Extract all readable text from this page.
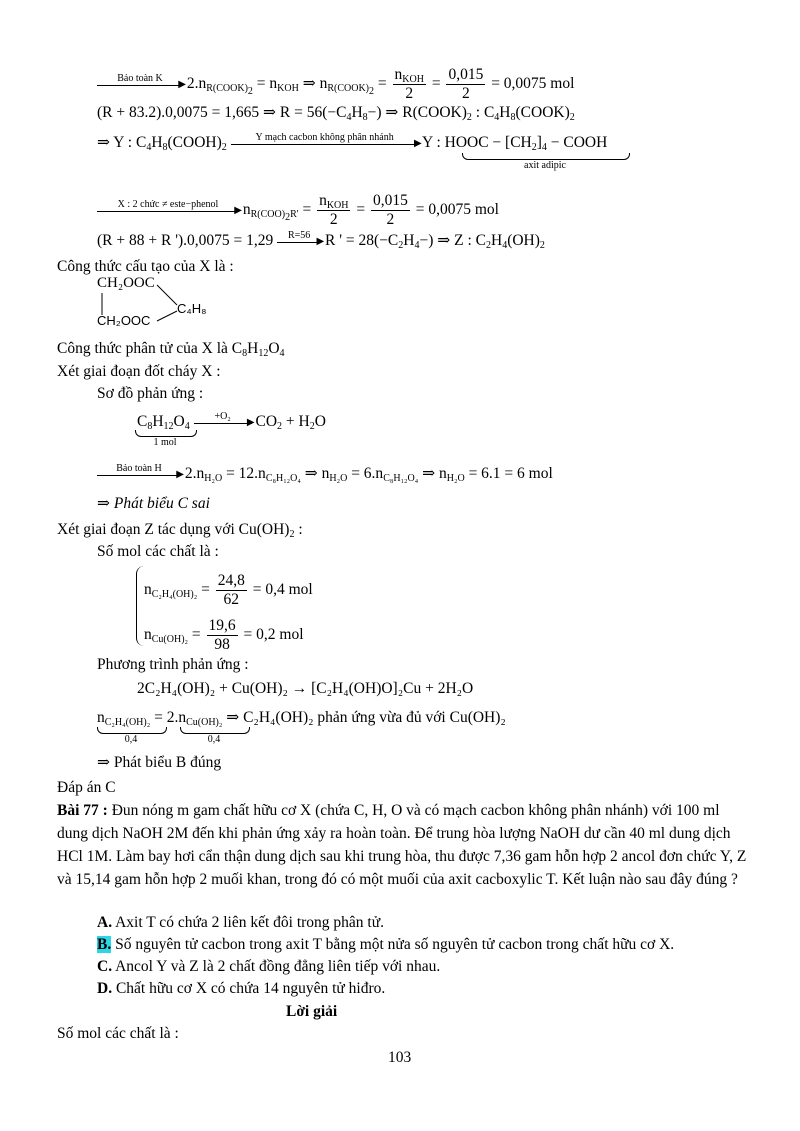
Bảo toàn K
▶ $2.n_{R(COOK)_2} = n_{KOH}$ ⇒ $n_{R(COOK)_2} = \frac{n_{KOH}}{2} = \frac{0,015}{2} = 0,0075$ mol
(R + 83.2).0,0075 = 1,665 ⇒ $R = 56(-C_4H_8-)$ ⇒ $R(COOK)_2$ : $C_4H_8(COOK)_2$
⇒ Y : $C_4H_8(COOH)_2$
Y mạch cacbon không phân nhánh
▶ Y : HOOC − $[CH_2]_4$ − COOH
axit adipic
X : 2 chức ≠ este−phenol
▶ $n_{R(COO)_2R'} = \frac{n_{KOH}}{2} = \frac{0,015}{2} = 0,0075$ mol
(R + 88 + R ').0,0075 = 1,29	R=56
▶ R ' = $28(-C_2H_4-)$ ⇒ Z : $C_2H_4(OH)_2$
Công thức cấu tạo của X là :
CH₂OOC
CH₂OOC
C₄H₈
Công thức phân tử của X là $C_8H_{12}O_4$
Xét giai đoạn đốt cháy X :
Sơ đồ phản ứng :
$C_8H_{12}O_4$
+O₂
▶ $CO_2 + H_2O$
1 mol
Bảo toàn H
▶ $2.n_{H_2O} = 12.n_{C_8H_{12}O_4}$ ⇒ $n_{H_2O} = 6.n_{C_8H_{12}O_4}$ ⇒ $n_{H_2O} = 6.1 = 6$ mol
⇒ Phát biểu C sai
Xét giai đoạn Z tác dụng với $Cu(OH)_2$ :
Số mol các chất là :
$n_{C_2H_4(OH)_2} = \frac{24,8}{62} = 0,4$ mol
$n_{Cu(OH)_2} = \frac{19,6}{98} = 0,2$ mol
Phương trình phản ứng :
2C₂H₄(OH)₂ + Cu(OH)₂ → [C₂H₄(OH)O]₂Cu + 2H₂O
$n_{C_2H_4(OH)_2} = 2.n_{Cu(OH)_2}$ ⇒ C₂H₄(OH)₂ phản ứng vừa đủ với Cu(OH)₂
0,4	0,4
⇒ Phát biểu B đúng
Đáp án C
Bài 77 : Đun nóng m gam chất hữu cơ X (chứa C, H, O và có mạch cacbon không phân nhánh) với 100 ml dung dịch NaOH 2M đến khi phản ứng xảy ra hoàn toàn. Để trung hòa lượng NaOH dư cần 40 ml dung dịch HCl 1M. Làm bay hơi cẩn thận dung dịch sau khi trung hòa, thu được 7,36 gam hỗn hợp 2 ancol đơn chức Y, Z và 15,14 gam hỗn hợp 2 muối khan, trong đó có một muối của axit cacboxylic T. Kết luận nào sau đây đúng ?
A. Axit T có chứa 2 liên kết đôi trong phân tử.
B. Số nguyên tử cacbon trong axit T bằng một nửa số nguyên tử cacbon trong chất hữu cơ X.
C. Ancol Y và Z là 2 chất đồng đẳng liên tiếp với nhau.
D. Chất hữu cơ X có chứa 14 nguyên tử hiđro.
Lời giải
Số mol các chất là :
103
